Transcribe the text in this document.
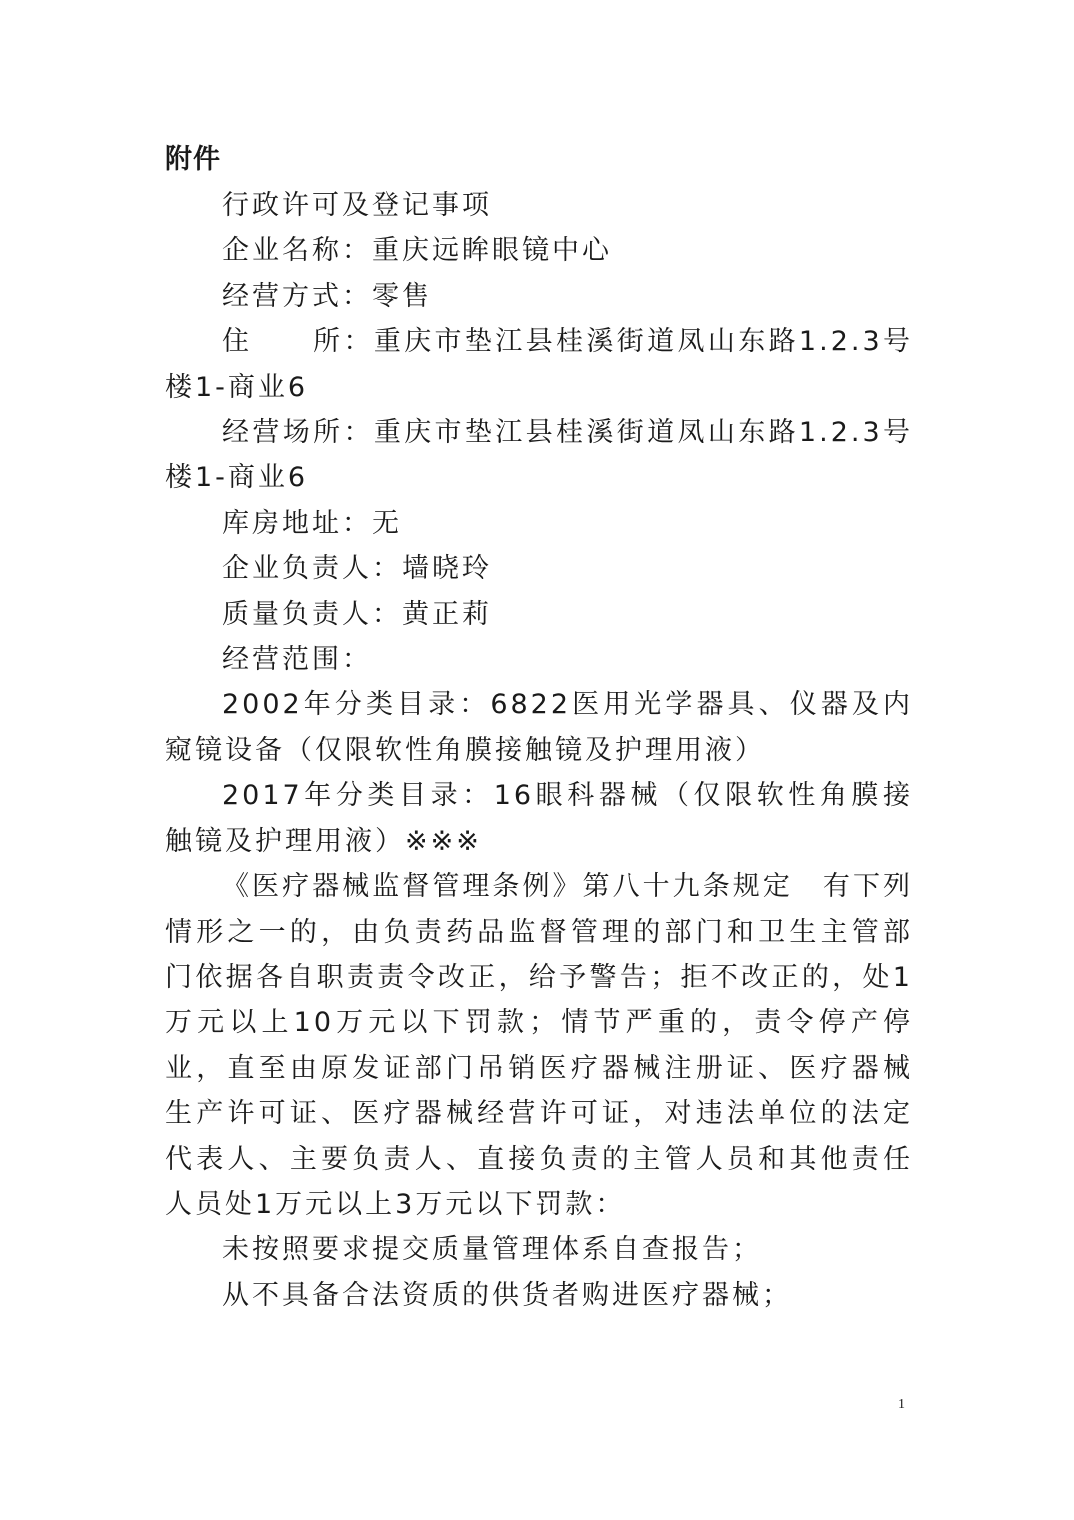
附件

行政许可及登记事项

企业名称：重庆远眸眼镜中心

经营方式：零售

住　　所：重庆市垫江县桂溪街道凤山东路1.2.3号楼1-商业6

经营场所：重庆市垫江县桂溪街道凤山东路1.2.3号楼1-商业6

库房地址：无

企业负责人：墙晓玲

质量负责人：黄正莉

经营范围：

2002年分类目录：6822医用光学器具、仪器及内窥镜设备（仅限软性角膜接触镜及护理用液）

2017年分类目录：16眼科器械（仅限软性角膜接触镜及护理用液）※※※

《医疗器械监督管理条例》第八十九条规定　有下列情形之一的，由负责药品监督管理的部门和卫生主管部门依据各自职责责令改正，给予警告；拒不改正的，处1万元以上10万元以下罚款；情节严重的，责令停产停业，直至由原发证部门吊销医疗器械注册证、医疗器械生产许可证、医疗器械经营许可证，对违法单位的法定代表人、主要负责人、直接负责的主管人员和其他责任人员处1万元以上3万元以下罚款：

未按照要求提交质量管理体系自查报告；

从不具备合法资质的供货者购进医疗器械；

1
